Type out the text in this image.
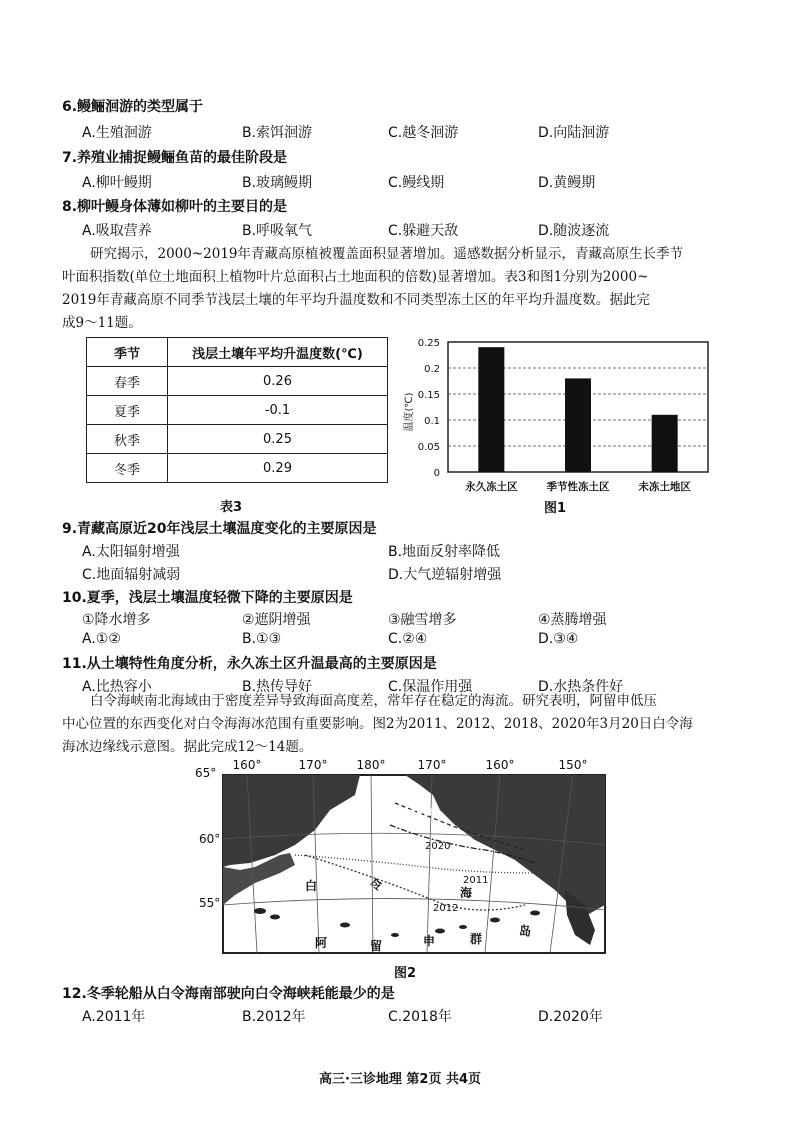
6.鳗鲡洄游的类型属于
A.生殖洄游	B.索饵洄游	C.越冬洄游	D.向陆洄游
7.养殖业捕捉鳗鲡鱼苗的最佳阶段是
A.柳叶鳗期	B.玻璃鳗期	C.鳗线期	D.黄鳗期
8.柳叶鳗身体薄如柳叶的主要目的是
A.吸取营养	B.呼吸氧气	C.躲避天敌	D.随波逐流

研究揭示，2000~2019年青藏高原植被覆盖面积显著增加。遥感数据分析显示，青藏高原生长季节

叶面积指数(单位土地面积上植物叶片总面积占土地面积的倍数)显著增加。表3和图1分别为2000~

2019年青藏高原不同季节浅层土壤的年平均升温度数和不同类型冻土区的年平均升温度数。据此完

成9～11题。

季节	浅层土壤年平均升温度数(℃)
春季	0.26
夏季	-0.1
秋季	0.25
冬季	0.29
表3
0
0.05
0.1
0.15
0.2
0.25
永久冻土区	季节性冻土区	未冻土地区
温度(℃)
图1
9.青藏高原近20年浅层土壤温度变化的主要原因是
A.太阳辐射增强	B.地面反射率降低
C.地面辐射减弱	D.大气逆辐射增强
10.夏季，浅层土壤温度轻微下降的主要原因是
①降水增多	②遮阴增强	③融雪增多	④蒸腾增强
A.①②	B.①③	C.②④	D.③④
11.从土壤特性角度分析，永久冻土区升温最高的主要原因是
A.比热容小	B.热传导好	C.保温作用强	D.水热条件好

白令海峡南北海域由于密度差异导致海面高度差，常年存在稳定的海流。研究表明，阿留申低压

中心位置的东西变化对白令海海冰范围有重要影响。图2为2011、2012、2018、2020年3月20日白令海

海冰边缘线示意图。据此完成12～14题。

160°	170° 180°	170°	160°	150°
65°
60°
55°
2018
2020
2011
2012
白	令
海
阿	留	申	群
岛
图2
12.冬季轮船从白令海南部驶向白令海峡耗能最少的是
A.2011年	B.2012年	C.2018年	D.2020年
高三·三诊地理 第2页 共4页
